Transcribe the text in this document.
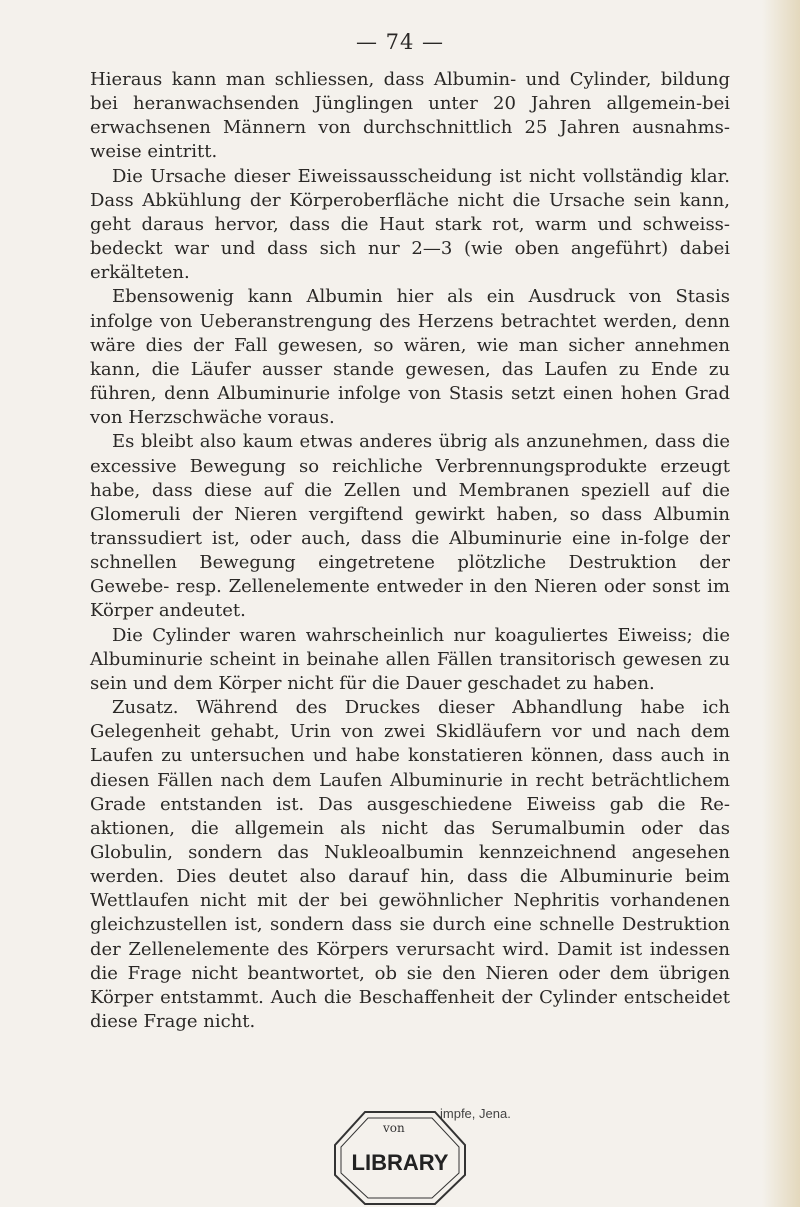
— 74 —

Hieraus kann man schliessen, dass Albumin- und Cylinder, bildung bei heranwachsenden Jünglingen unter 20 Jahren allgemein-bei erwachsenen Männern von durchschnittlich 25 Jahren ausnahms-weise eintritt.

Die Ursache dieser Eiweissausscheidung ist nicht vollständig klar. Dass Abkühlung der Körperoberfläche nicht die Ursache sein kann, geht daraus hervor, dass die Haut stark rot, warm und schweiss-bedeckt war und dass sich nur 2—3 (wie oben angeführt) dabei erkälteten.

Ebensowenig kann Albumin hier als ein Ausdruck von Stasis infolge von Ueberanstrengung des Herzens betrachtet werden, denn wäre dies der Fall gewesen, so wären, wie man sicher annehmen kann, die Läufer ausser stande gewesen, das Laufen zu Ende zu führen, denn Albuminurie infolge von Stasis setzt einen hohen Grad von Herzschwäche voraus.

Es bleibt also kaum etwas anderes übrig als anzunehmen, dass die excessive Bewegung so reichliche Verbrennungsprodukte erzeugt habe, dass diese auf die Zellen und Membranen speziell auf die Glomeruli der Nieren vergiftend gewirkt haben, so dass Albumin transsudiert ist, oder auch, dass die Albuminurie eine in-folge der schnellen Bewegung eingetretene plötzliche Destruktion der Gewebe- resp. Zellenelemente entweder in den Nieren oder sonst im Körper andeutet.

Die Cylinder waren wahrscheinlich nur koaguliertes Eiweiss; die Albuminurie scheint in beinahe allen Fällen transitorisch gewesen zu sein und dem Körper nicht für die Dauer geschadet zu haben.

Zusatz. Während des Druckes dieser Abhandlung habe ich Gelegenheit gehabt, Urin von zwei Skidläufern vor und nach dem Laufen zu untersuchen und habe konstatieren können, dass auch in diesen Fällen nach dem Laufen Albuminurie in recht beträchtlichem Grade entstanden ist. Das ausgeschiedene Eiweiss gab die Re-aktionen, die allgemein als nicht das Serumalbumin oder das Globulin, sondern das Nukleoalbumin kennzeichnend angesehen werden. Dies deutet also darauf hin, dass die Albuminurie beim Wettlaufen nicht mit der bei gewöhnlicher Nephritis vorhandenen gleichzustellen ist, sondern dass sie durch eine schnelle Destruktion der Zellenelemente des Körpers verursacht wird. Damit ist indessen die Frage nicht beantwortet, ob sie den Nieren oder dem übrigen Körper entstammt. Auch die Beschaffenheit der Cylinder entscheidet diese Frage nicht.

von
LIBRARY
impfe, Jena.
